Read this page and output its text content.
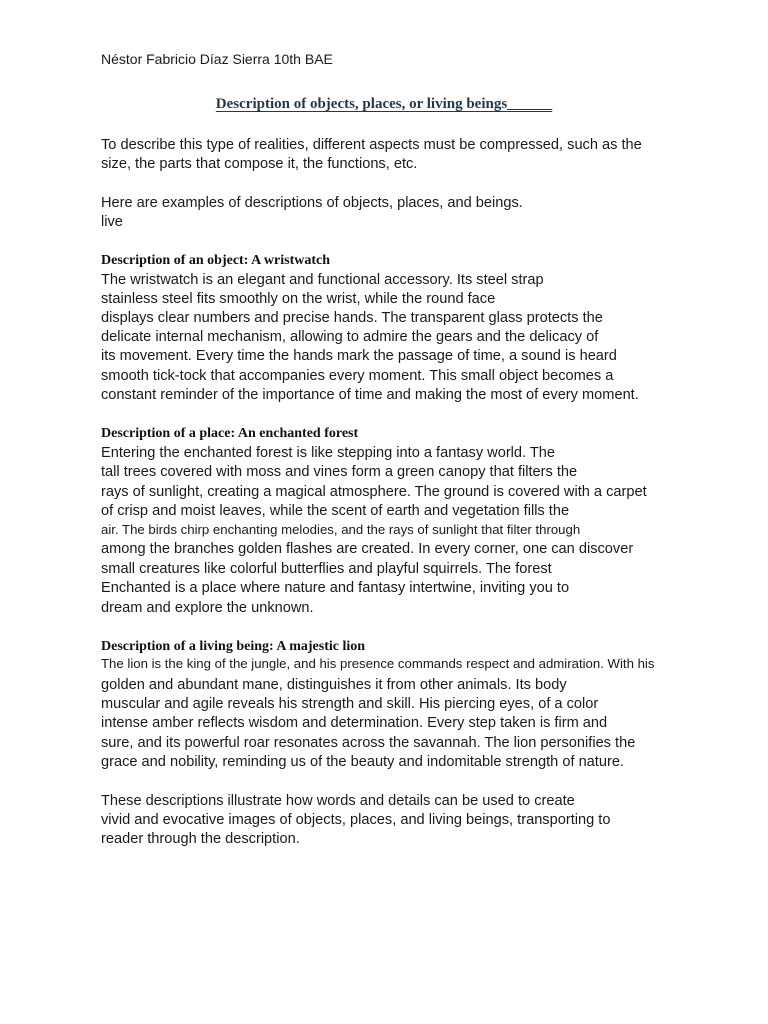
Néstor Fabricio Díaz Sierra 10th BAE
Description of objects, places, or living beings______
To describe this type of realities, different aspects must be compressed, such as the
size, the parts that compose it, the functions, etc.
Here are examples of descriptions of objects, places, and beings.
live
Description of an object: A wristwatch
The wristwatch is an elegant and functional accessory. Its steel strap
stainless steel fits smoothly on the wrist, while the round face
displays clear numbers and precise hands. The transparent glass protects the
delicate internal mechanism, allowing to admire the gears and the delicacy of
its movement. Every time the hands mark the passage of time, a sound is heard
smooth tick-tock that accompanies every moment. This small object becomes a
constant reminder of the importance of time and making the most of every moment.
Description of a place: An enchanted forest
Entering the enchanted forest is like stepping into a fantasy world. The
tall trees covered with moss and vines form a green canopy that filters the
rays of sunlight, creating a magical atmosphere. The ground is covered with a carpet
of crisp and moist leaves, while the scent of earth and vegetation fills the
air. The birds chirp enchanting melodies, and the rays of sunlight that filter through
among the branches golden flashes are created. In every corner, one can discover
small creatures like colorful butterflies and playful squirrels. The forest
Enchanted is a place where nature and fantasy intertwine, inviting you to
dream and explore the unknown.
Description of a living being: A majestic lion
The lion is the king of the jungle, and his presence commands respect and admiration. With his
golden and abundant mane, distinguishes it from other animals. Its body
muscular and agile reveals his strength and skill. His piercing eyes, of a color
intense amber reflects wisdom and determination. Every step taken is firm and
sure, and its powerful roar resonates across the savannah. The lion personifies the
grace and nobility, reminding us of the beauty and indomitable strength of nature.
These descriptions illustrate how words and details can be used to create
vivid and evocative images of objects, places, and living beings, transporting to
reader through the description.
